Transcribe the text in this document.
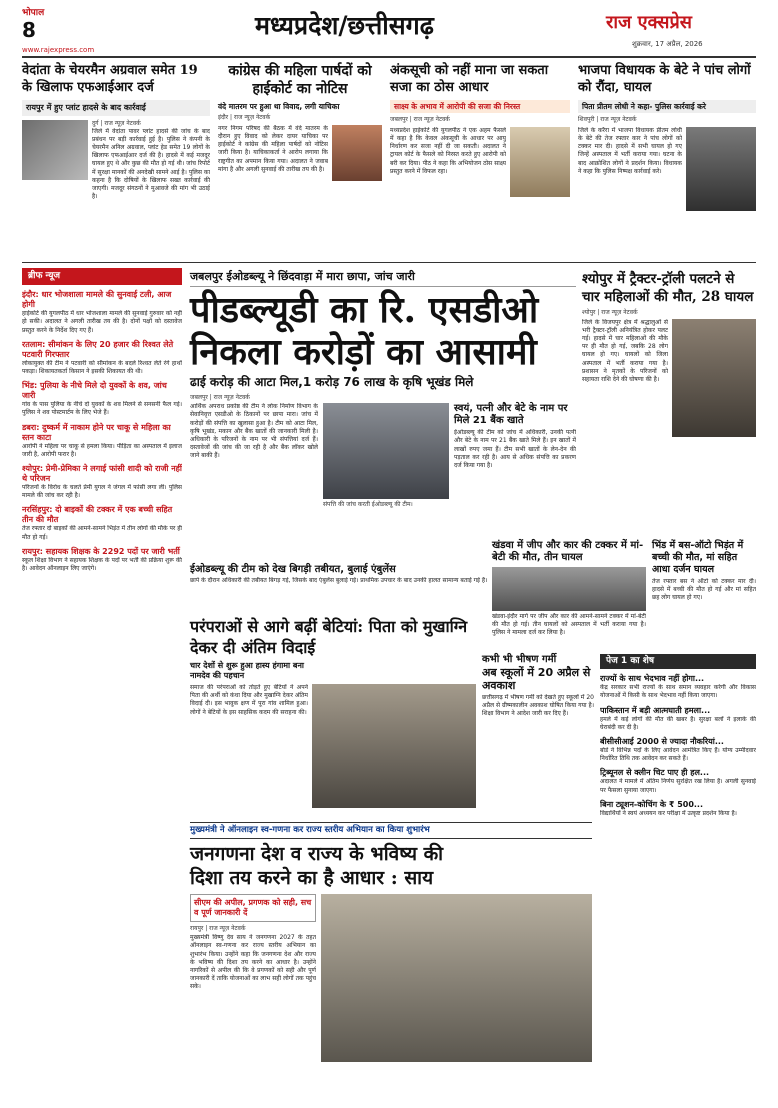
भोपाल
8
www.rajexpress.com
मध्यप्रदेश/छत्तीसगढ़	राज एक्सप्रेस
शुक्रवार, 17 अप्रैल, 2026
वेदांता के चेयरमैन अग्रवाल समेत 19 के खिलाफ एफआईआर दर्ज
रायपुर में हुए प्लांट हादसे के बाद कार्रवाई
दुर्ग | राज न्यूज़ नेटवर्क
जिले में वेदांता पावर प्लांट हादसे की जांच के बाद प्रबंधन पर बड़ी कार्रवाई हुई है। पुलिस ने कंपनी के चेयरमैन अनिल अग्रवाल, प्लांट हेड समेत 19 लोगों के खिलाफ एफआईआर दर्ज की है। हादसे में कई मजदूर घायल हुए थे और कुछ की मौत हो गई थी। जांच रिपोर्ट में सुरक्षा मानकों की अनदेखी सामने आई है। पुलिस का कहना है कि दोषियों के खिलाफ सख्त कार्रवाई की जाएगी। मजदूर संगठनों ने मुआवजे की मांग भी उठाई है।
कांग्रेस की महिला पार्षदों को हाईकोर्ट का नोटिस
वंदे मातरम पर हुआ था विवाद, लगी याचिका
इंदौर | राज न्यूज़ नेटवर्क
नगर निगम परिषद की बैठक में वंदे मातरम के दौरान हुए विवाद को लेकर दायर याचिका पर हाईकोर्ट ने कांग्रेस की महिला पार्षदों को नोटिस जारी किया है। याचिकाकर्ता ने आरोप लगाया कि राष्ट्रगीत का अपमान किया गया। अदालत ने जवाब मांगा है और अगली सुनवाई की तारीख तय की है।
अंकसूची को नहीं माना जा सकता सजा का ठोस आधार
साक्ष्य के अभाव में आरोपी की सजा की निरस्त
जबलपुर | राज न्यूज़ नेटवर्क
मध्यप्रदेश हाईकोर्ट की युगलपीठ ने एक अहम फैसले में कहा है कि केवल अंकसूची के आधार पर आयु निर्धारण कर सजा नहीं दी जा सकती। अदालत ने ट्रायल कोर्ट के फैसले को निरस्त करते हुए आरोपी को बरी कर दिया। पीठ ने कहा कि अभियोजन ठोस साक्ष्य प्रस्तुत करने में विफल रहा।
भाजपा विधायक के बेटे ने पांच लोगों को रौंदा, घायल
पिता प्रीतम लोधी ने कहा- पुलिस कार्रवाई करे
शिवपुरी | राज न्यूज़ नेटवर्क
जिले के करैरा में भाजपा विधायक प्रीतम लोधी के बेटे की तेज रफ्तार कार ने पांच लोगों को टक्कर मार दी। हादसे में सभी घायल हो गए जिन्हें अस्पताल में भर्ती कराया गया। घटना के बाद आक्रोशित लोगों ने प्रदर्शन किया। विधायक ने कहा कि पुलिस निष्पक्ष कार्रवाई करे।
ब्रीफ न्यूज
इंदौर: धार भोजशाला मामले की सुनवाई टली, आज होगी
हाईकोर्ट की युगलपीठ में धार भोजशाला मामले की सुनवाई गुरुवार को नहीं हो सकी। अदालत ने अगली तारीख तय की है। दोनों पक्षों को दस्तावेज प्रस्तुत करने के निर्देश दिए गए हैं।
रतलाम: सीमांकन के लिए 20 हजार की रिश्वत लेते पटवारी गिरफ्तार
लोकायुक्त की टीम ने पटवारी को सीमांकन के बदले रिश्वत लेते रंगे हाथों पकड़ा। शिकायतकर्ता किसान ने इसकी शिकायत की थी।
भिंड: पुलिया के नीचे मिले दो युवकों के शव, जांच जारी
गांव के पास पुलिया के नीचे दो युवकों के शव मिलने से सनसनी फैल गई। पुलिस ने शव पोस्टमार्टम के लिए भेजे हैं।
डबरा: दुष्कर्म में नाकाम होने पर चाकू से महिला का स्तन काटा
आरोपी ने महिला पर चाकू से हमला किया। पीड़िता का अस्पताल में इलाज जारी है, आरोपी फरार है।
श्योपुर: प्रेमी-प्रेमिका ने लगाई फांसी शादी को राजी नहीं थे परिजन
परिजनों के विरोध के चलते प्रेमी युगल ने जंगल में फांसी लगा ली। पुलिस मामले की जांच कर रही है।
नरसिंहपुर: दो बाइकों की टक्कर में एक बच्ची सहित तीन की मौत
तेज रफ्तार दो बाइकों की आमने-सामने भिड़ंत में तीन लोगों की मौके पर ही मौत हो गई।
रायपुर: सहायक शिक्षक के 2292 पदों पर जारी भर्ती
स्कूल शिक्षा विभाग ने सहायक शिक्षक के पदों पर भर्ती की प्रक्रिया शुरू की है। आवेदन ऑनलाइन लिए जाएंगे।
जबलपुर ईओडब्ल्यू ने छिंदवाड़ा में मारा छापा, जांच जारी
पीडब्ल्यूडी का रि. एसडीओ
निकला करोड़ों का आसामी
ढाई करोड़ की आटा मिल,1 करोड़ 76 लाख के कृषि भूखंड मिले
जबलपुर | राज न्यूज़ नेटवर्क
आर्थिक अपराध प्रकोष्ठ की टीम ने लोक निर्माण विभाग के सेवानिवृत्त एसडीओ के ठिकानों पर छापा मारा। जांच में करोड़ों की संपत्ति का खुलासा हुआ है। टीम को आटा मिल, कृषि भूखंड, मकान और बैंक खातों की जानकारी मिली है। अधिकारी के परिजनों के नाम पर भी संपत्तियां दर्ज हैं। दस्तावेजों की जांच की जा रही है और बैंक लॉकर खोले जाने बाकी हैं।
संपत्ति की जांच करती ईओडब्ल्यू की टीम।
स्वयं, पत्नी और बेटे के नाम पर मिले 21 बैंक खाते
ईओडब्ल्यू की टीम को जांच में अधिकारी, उनकी पत्नी और बेटे के नाम पर 21 बैंक खाते मिले हैं। इन खातों में लाखों रुपए जमा हैं। टीम सभी खातों के लेन-देन की पड़ताल कर रही है। आय से अधिक संपत्ति का प्रकरण दर्ज किया गया है।
ईओडब्ल्यू की टीम को देख बिगड़ी तबीयत, बुलाई एंबुलेंस
छापे के दौरान अधिकारी की तबीयत बिगड़ गई, जिसके बाद एंबुलेंस बुलाई गई। प्राथमिक उपचार के बाद उनकी हालत सामान्य बताई गई है।
श्योपुर में ट्रैक्टर-ट्रॉली पलटने से चार महिलाओं की मौत, 28 घायल
श्योपुर | राज न्यूज़ नेटवर्क
जिले के विजयपुर क्षेत्र में श्रद्धालुओं से भरी ट्रैक्टर-ट्रॉली अनियंत्रित होकर पलट गई। हादसे में चार महिलाओं की मौके पर ही मौत हो गई, जबकि 28 लोग घायल हो गए। घायलों को जिला अस्पताल में भर्ती कराया गया है। प्रशासन ने मृतकों के परिजनों को सहायता राशि देने की घोषणा की है।
खंडवा में जीप और कार की टक्कर में मां-बेटी की मौत, तीन घायल
खंडवा-इंदौर मार्ग पर जीप और कार की आमने-सामने टक्कर में मां-बेटी की मौत हो गई। तीन घायलों को अस्पताल में भर्ती कराया गया है। पुलिस ने मामला दर्ज कर लिया है।
भिंड में बस-ऑटो भिड़ंत में बच्ची की मौत, मां सहित आधा दर्जन घायल
तेज रफ्तार बस ने ऑटो को टक्कर मार दी। हादसे में बच्ची की मौत हो गई और मां सहित छह लोग घायल हो गए।
कभी भी भीषण गर्मी
अब स्कूलों में 20 अप्रैल से अवकाश
छत्तीसगढ़ में भीषण गर्मी को देखते हुए स्कूलों में 20 अप्रैल से ग्रीष्मकालीन अवकाश घोषित किया गया है। शिक्षा विभाग ने आदेश जारी कर दिए हैं।
परंपराओं से आगे बढ़ीं बेटियां: पिता को मुखाग्नि देकर दी अंतिम विदाई
चार देशों से शुरू हुआ हास्य हंगामा बना नामदेव की पहचान
समाज की परंपराओं को तोड़ते हुए बेटियों ने अपने पिता की अर्थी को कंधा दिया और मुखाग्नि देकर अंतिम विदाई दी। इस भावुक क्षण में पूरा गांव शामिल हुआ। लोगों ने बेटियों के इस साहसिक कदम की सराहना की।
पेज 1 का शेष
राज्यों के साथ भेदभाव नहीं होगा...
केंद्र सरकार सभी राज्यों के साथ समान व्यवहार करेगी और विकास योजनाओं में किसी के साथ भेदभाव नहीं किया जाएगा।
पाकिस्तान में बड़ी आत्मघाती हमला...
हमले में कई लोगों की मौत की खबर है। सुरक्षा बलों ने इलाके की घेराबंदी कर दी है।
बीसीसीआई 2000 से ज्यादा नौकरियां...
बोर्ड ने विभिन्न पदों के लिए आवेदन आमंत्रित किए हैं। योग्य उम्मीदवार निर्धारित तिथि तक आवेदन कर सकते हैं।
ट्रिब्यूनल से क्लीन चिट पाए ही हल...
अदालत ने मामले में अंतिम निर्णय सुरक्षित रख लिया है। अगली सुनवाई पर फैसला सुनाया जाएगा।
बिना ट्यूशन-कोचिंग के ₹ 500...
विद्यार्थियों ने स्वयं अध्ययन कर परीक्षा में उत्कृष्ट प्रदर्शन किया है।
मुख्यमंत्री ने ऑनलाइन स्व-गणना कर राज्य स्तरीय अभियान का किया शुभारंभ
जनगणना देश व राज्य के भविष्य की
दिशा तय करने का है आधार : साय
सीएम की अपील, प्रगणक को सही, सच व पूर्ण जानकारी दें
रायपुर | राज न्यूज़ नेटवर्क
मुख्यमंत्री विष्णु देव साय ने जनगणना 2027 के तहत ऑनलाइन स्व-गणना कर राज्य स्तरीय अभियान का शुभारंभ किया। उन्होंने कहा कि जनगणना देश और राज्य के भविष्य की दिशा तय करने का आधार है। उन्होंने नागरिकों से अपील की कि वे प्रगणकों को सही और पूर्ण जानकारी दें ताकि योजनाओं का लाभ सही लोगों तक पहुंच सके।
